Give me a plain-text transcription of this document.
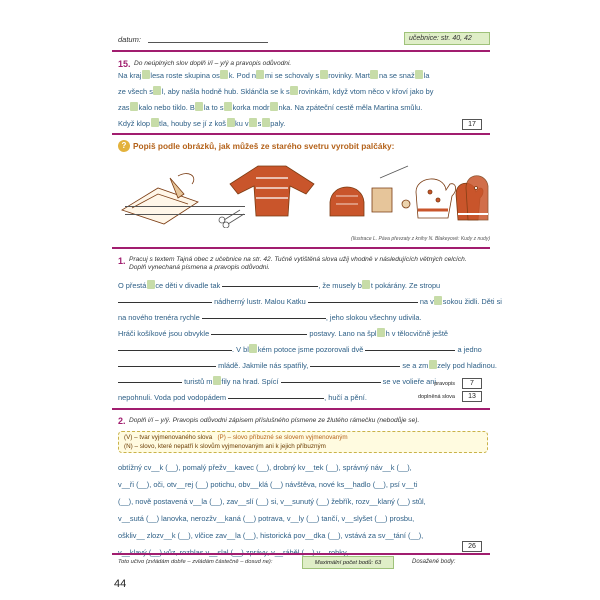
datum:	učebnice: str. 40, 42
15. Do neúplných slov doplň i/í – y/ý a pravopis odůvodni.
Na kraj lesa roste skupina os k. Pod n mi se schovaly s rovinky. Mart na se snaž la
ze všech s l, aby našla hodně hub. Sklánčla se k s rovinkám, když vtom něco v křoví jako by
zas kalo nebo tiklo. B la to s korka modr nka. Na zpáteční cestě měla Martina smůlu.
Když klop tla, houby se jí z koš ku v s paly.	17
? Popiš podle obrázků, jak můžeš ze starého svetru vyrobit palčáky:
(Ilustrace L. Páva převzaty z knihy N. Blakeyové: Kudy z nudy)
1. Pracuj s textem Tajná obec z učebnice na str. 42. Tučně vytištěná slova užij vhodně v následujících větných celcích.
Doplň vynechaná písmena a pravopis odůvodni.
O přestá ce děti v divadle tak	, že musely b t pokárány. Ze stropu
nádherný lustr. Malou Katku	na v sokou židli. Děti si
na nového trenéra rychle	, jeho slokou všechny udivila.
Hráči košíkové jsou obvykle	postavy. Lano na špl h v tělocvičně ještě
. V bl kém potoce jsme pozorovali dvě	a jedno
mládě. Jakmile nás spatřily,	se a zm zely pod hladinou.
turistů m fily na hrad. Spící	se ve volieře ani
nepohnuli. Voda pod vodopádem	, hučí a pění.
pravopis	7
doplněná slova	13
2. Doplň i/í – y/ý. Pravopis odůvodni zápisem příslušného písmene ze žlutého rámečku (nebodůje se).
(V) – tvar vyjmenovaného slova (P) – slovo příbuzné se slovem vyjmenovaným
(N) – slovo, které nepatří k slovům vyjmenovaným ani k jejich příbuzným
obtížný cv__k (__), pomalý přežv__kavec (__), drobný kv__tek (__), správný náv__k (__),
v__ři (__), oči, otv__rej (__) potichu, obv__klá (__) návštěva, nové ks__hadlo (__), psí v__ti
(__), nově postavená v__la (__), zav__slí (__) si, v__sunutý (__) žebřík, rozv__klaný (__) stůl,
v__sutá (__) lanovka, nerozžv__kaná (__) potrava, v__ly (__) tančí, v__slyšet (__) prosbu,
oškliv__ zlozv__k (__), vlčice zav__la (__), historická pov__dka (__), vstává za sv__tání (__),
26
Toto učivo (zvládám dobře – zvládám částečně – dosud ne):	Maximální počet bodů: 63	Dosažené body:
44
